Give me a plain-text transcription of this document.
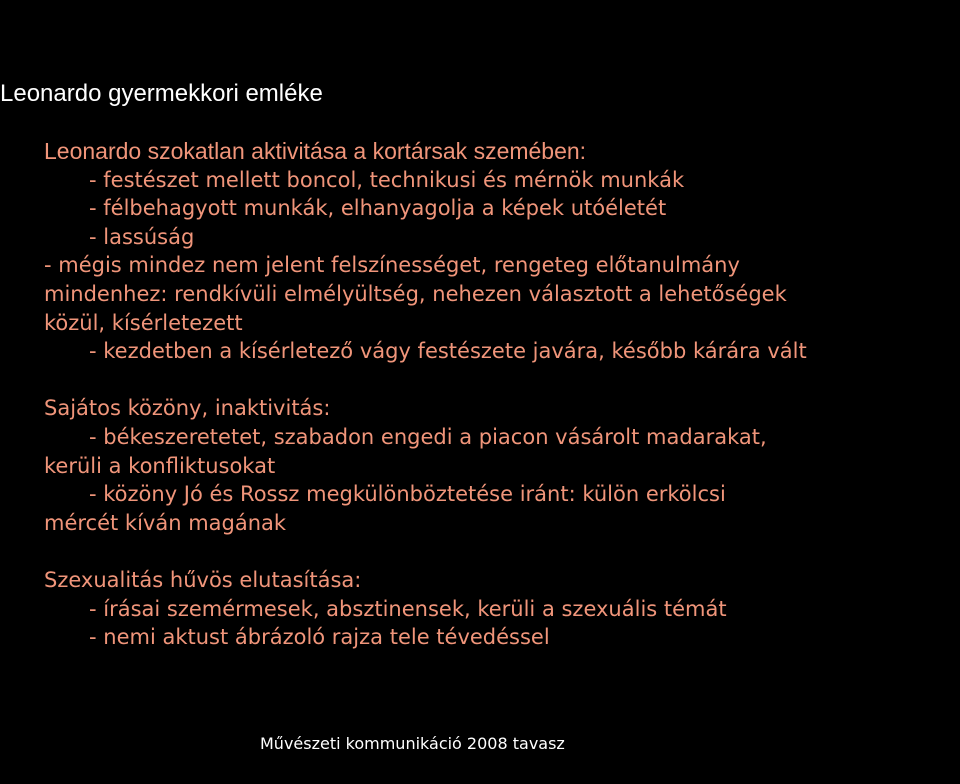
Leonardo gyermekkori emléke
Leonardo szokatlan aktivitása a kortársak szemében:
- festészet mellett boncol, technikusi és mérnök munkák
- félbehagyott munkák, elhanyagolja a képek utóéletét
- lassúság
- mégis mindez nem jelent felszínességet, rengeteg előtanulmány
mindenhez: rendkívüli elmélyültség, nehezen választott a lehetőségek
közül, kísérletezett
- kezdetben a kísérletező vágy festészete javára, később kárára vált
Sajátos közöny, inaktivitás:
- békeszeretetet, szabadon engedi a piacon vásárolt madarakat,
kerüli a konfliktusokat
- közöny Jó és Rossz megkülönböztetése iránt: külön erkölcsi
mércét kíván magának
Szexualitás hűvös elutasítása:
- írásai szemérmesek, absztinensek, kerüli a szexuális témát
- nemi aktust ábrázoló rajza tele tévedéssel
Művészeti kommunikáció 2008 tavasz
